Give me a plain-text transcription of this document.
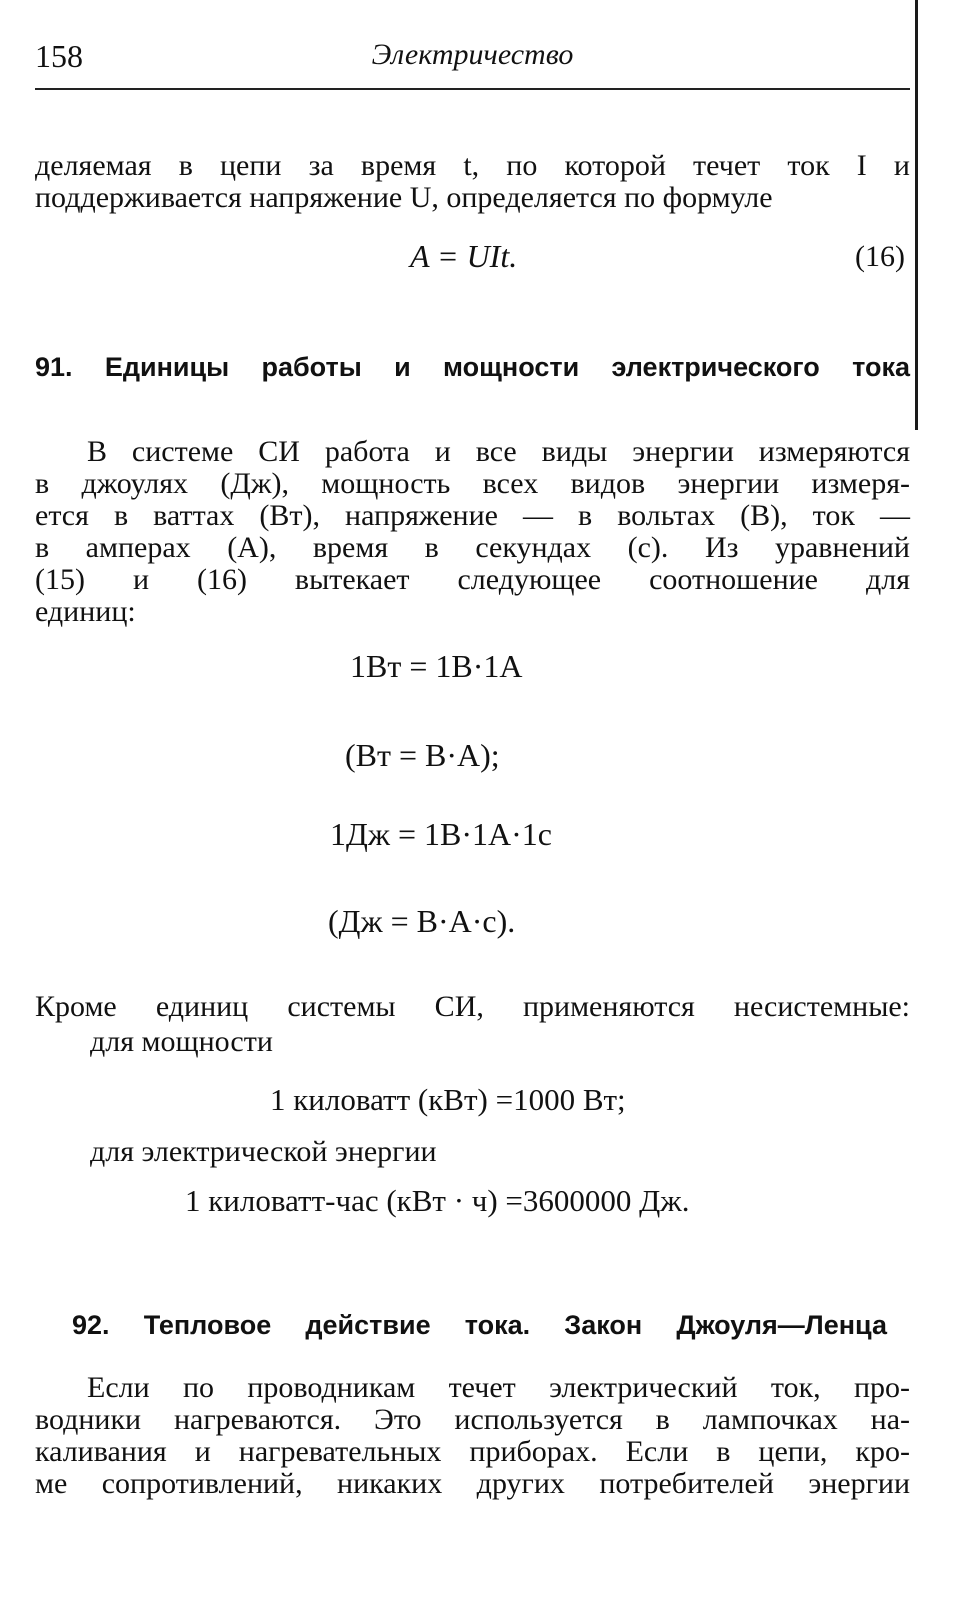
158	Электричество

деляемая в цепи за время t, по которой течет ток I и
поддерживается напряжение U, определяется по формуле

A = UIt.	(16)
91. Единицы работы и мощности электрического тока

В системе СИ работа и все виды энергии измеряются
в джоулях (Дж), мощность всех видов энергии измеря-
ется в ваттах (Вт), напряжение — в вольтах (В), ток —
в амперах (А), время в секундах (с). Из уравнений
(15) и (16) вытекает следующее соотношение для
единиц:

1Вт = 1В·1А
(Вт = В·А);
1Дж = 1В·1А·1с
(Дж = В·А·с).

Кроме единиц системы СИ, применяются несистемные:

для мощности

1 киловатт (кВт) =1000 Вт;

для электрической энергии

1 киловатт-час (кВт · ч) =3600000 Дж.
92. Тепловое действие тока. Закон Джоуля—Ленца

Если по проводникам течет электрический ток, про-
водники нагреваются. Это используется в лампочках на-
каливания и нагревательных приборах. Если в цепи, кро-
ме сопротивлений, никаких других потребителей энергии
